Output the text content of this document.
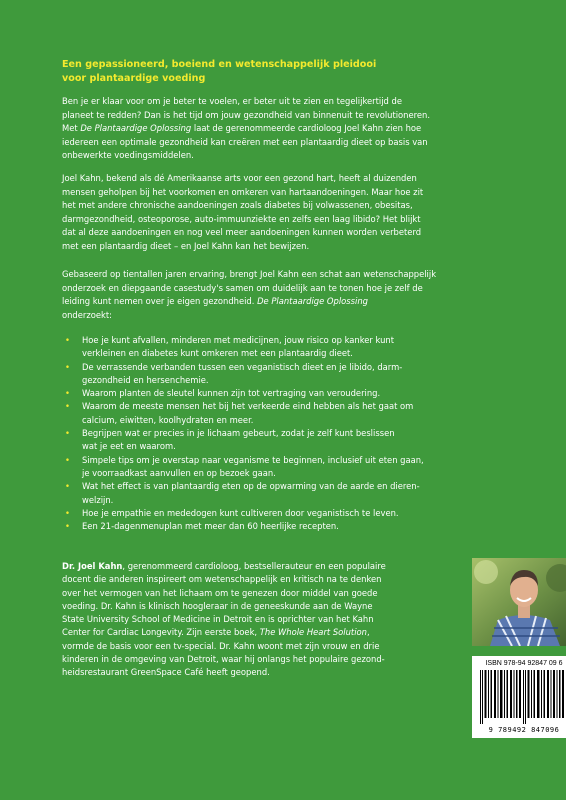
Een gepassioneerd, boeiend en wetenschappelijk pleidooi
voor plantaardige voeding
Ben je er klaar voor om je beter te voelen, er beter uit te zien en tegelijkertijd de
planeet te redden? Dan is het tijd om jouw gezondheid van binnenuit te revolutioneren.
Met De Plantaardige Oplossing laat de gerenommeerde cardioloog Joel Kahn zien hoe
iedereen een optimale gezondheid kan creëren met een plantaardig dieet op basis van
onbewerkte voedingsmiddelen.
Joel Kahn, bekend als dé Amerikaanse arts voor een gezond hart, heeft al duizenden
mensen geholpen bij het voorkomen en omkeren van hartaandoeningen. Maar hoe zit
het met andere chronische aandoeningen zoals diabetes bij volwassenen, obesitas,
darmgezondheid, osteoporose, auto-immuunziekte en zelfs een laag libido? Het blijkt
dat al deze aandoeningen en nog veel meer aandoeningen kunnen worden verbeterd
met een plantaardig dieet – en Joel Kahn kan het bewijzen.
Gebaseerd op tientallen jaren ervaring, brengt Joel Kahn een schat aan wetenschappelijk
onderzoek en diepgaande casestudy's samen om duidelijk aan te tonen hoe je zelf de
leiding kunt nemen over je eigen gezondheid. De Plantaardige Oplossing
onderzoekt:
• Hoe je kunt afvallen, minderen met medicijnen, jouw risico op kanker kunt
verkleinen en diabetes kunt omkeren met een plantaardig dieet.
• De verrassende verbanden tussen een veganistisch dieet en je libido, darm-
gezondheid en hersenchemie.
• Waarom planten de sleutel kunnen zijn tot vertraging van veroudering.
• Waarom de meeste mensen het bij het verkeerde eind hebben als het gaat om
calcium, eiwitten, koolhydraten en meer.
• Begrijpen wat er precies in je lichaam gebeurt, zodat je zelf kunt beslissen
wat je eet en waarom.
• Simpele tips om je overstap naar veganisme te beginnen, inclusief uit eten gaan,
je voorraadkast aanvullen en op bezoek gaan.
• Wat het effect is van plantaardig eten op de opwarming van de aarde en dieren-
welzijn.
• Hoe je empathie en mededogen kunt cultiveren door veganistisch te leven.
• Een 21-dagenmenuplan met meer dan 60 heerlijke recepten.
Dr. Joel Kahn, gerenommeerd cardioloog, bestsellerauteur en een populaire
docent die anderen inspireert om wetenschappelijk en kritisch na te denken
over het vermogen van het lichaam om te genezen door middel van goede
voeding. Dr. Kahn is klinisch hoogleraar in de geneeskunde aan de Wayne
State University School of Medicine in Detroit en is oprichter van het Kahn
Center for Cardiac Longevity. Zijn eerste boek, The Whole Heart Solution,
vormde de basis voor een tv-special. Dr. Kahn woont met zijn vrouw en drie
kinderen in de omgeving van Detroit, waar hij onlangs het populaire gezond-
heidsrestaurant GreenSpace Café heeft geopend.
ISBN 978-94 92847 09 6
9 789492 847096
